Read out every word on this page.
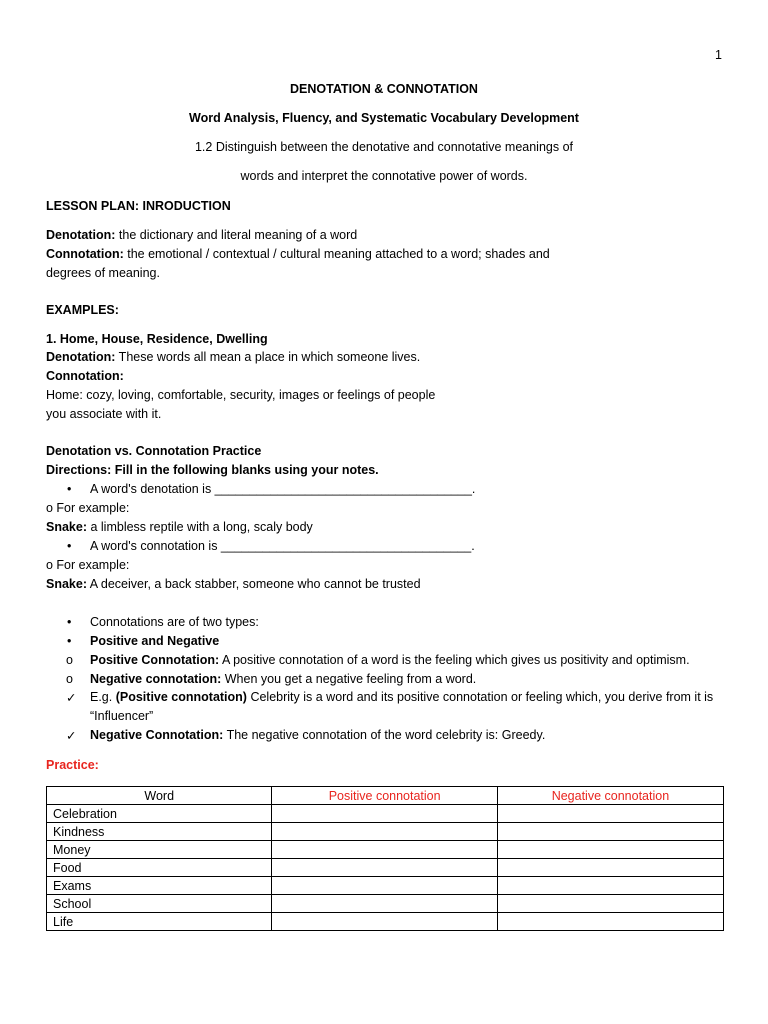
1
DENOTATION & CONNOTATION
Word Analysis, Fluency, and Systematic Vocabulary Development
1.2 Distinguish between the denotative and connotative meanings of
words and interpret the connotative power of words.
LESSON PLAN: INRODUCTION
Denotation: the dictionary and literal meaning of a word
Connotation: the emotional / contextual / cultural meaning attached to a word; shades and
degrees of meaning.
EXAMPLES:
1. Home, House, Residence, Dwelling
Denotation: These words all mean a place in which someone lives.
Connotation:
Home: cozy, loving, comfortable, security, images or feelings of people
you associate with it.
Denotation vs. Connotation Practice
Directions: Fill in the following blanks using your notes.
• A word's denotation is _____________________________________.
o For example:
Snake: a limbless reptile with a long, scaly body
• A word's connotation is ____________________________________.
o For example:
Snake: A deceiver, a back stabber, someone who cannot be trusted
• Connotations are of two types:
• Positive and Negative
o Positive Connotation: A positive connotation of a word is the feeling which gives us positivity and optimism.
o Negative connotation: When you get a negative feeling from a word.
✓ E.g. (Positive connotation) Celebrity is a word and its positive connotation or feeling which, you derive from it is
“Influencer”
✓ Negative Connotation: The negative connotation of the word celebrity is: Greedy.
Practice:
Word	Positive connotation	Negative connotation
Celebration		
Kindness		
Money		
Food		
Exams		
School		
Life		
